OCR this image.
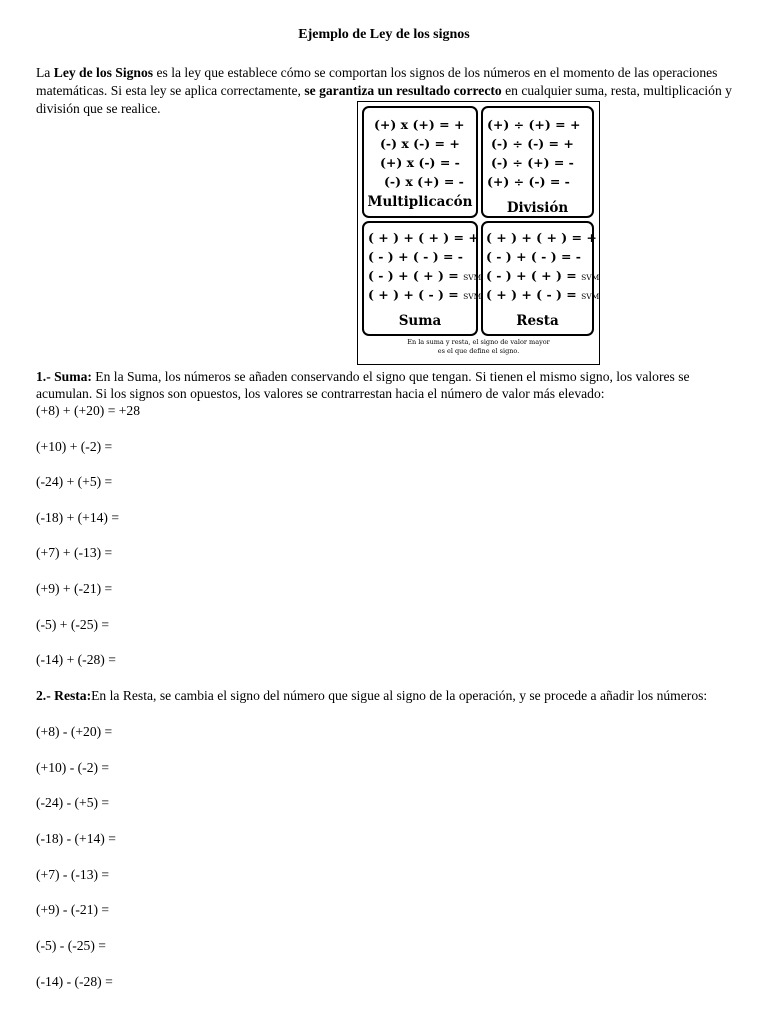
Ejemplo de Ley de los signos
La Ley de los Signos es la ley que establece cómo se comportan los signos de los números en el momento de las operaciones matemáticas. Si esta ley se aplica correctamente, se garantiza un resultado correcto en cualquier suma, resta, multiplicación y división que se realice.
(+) x (+) = +
(-) x (-) = +
(+) x (-) = -
(-) x (+) = -
Multiplicacón
(+) ÷ (+) = +
(-) ÷ (-) = +
(-) ÷ (+) = -
(+) ÷ (-) = -
División
( + ) + ( + ) = +
( - ) + ( - ) = -
( - ) + ( + ) = SVM
( + ) + ( - ) = SVM
Suma
( + ) + ( + ) = +
( - ) + ( - ) = -
( - ) + ( + ) = SVM
( + ) + ( - ) = SVM
Resta
En la suma y resta, el signo de valor mayor
es el que define el signo.
1.- Suma: En la Suma, los números se añaden conservando el signo que tengan. Si tienen el mismo signo, los valores se acumulan. Si los signos son opuestos, los valores se contrarrestan hacia el número de valor más elevado:
(+8) + (+20) = +28
(+10) + (-2) =
(-24) + (+5) =
(-18) + (+14) =
(+7) + (-13) =
(+9) + (-21) =
(-5) + (-25) =
(-14) + (-28) =
2.- Resta:En la Resta, se cambia el signo del número que sigue al signo de la operación, y se procede a añadir los números:
(+8) - (+20) =
(+10) - (-2) =
(-24) - (+5) =
(-18) - (+14) =
(+7) - (-13) =
(+9) - (-21) =
(-5) - (-25) =
(-14) - (-28) =
